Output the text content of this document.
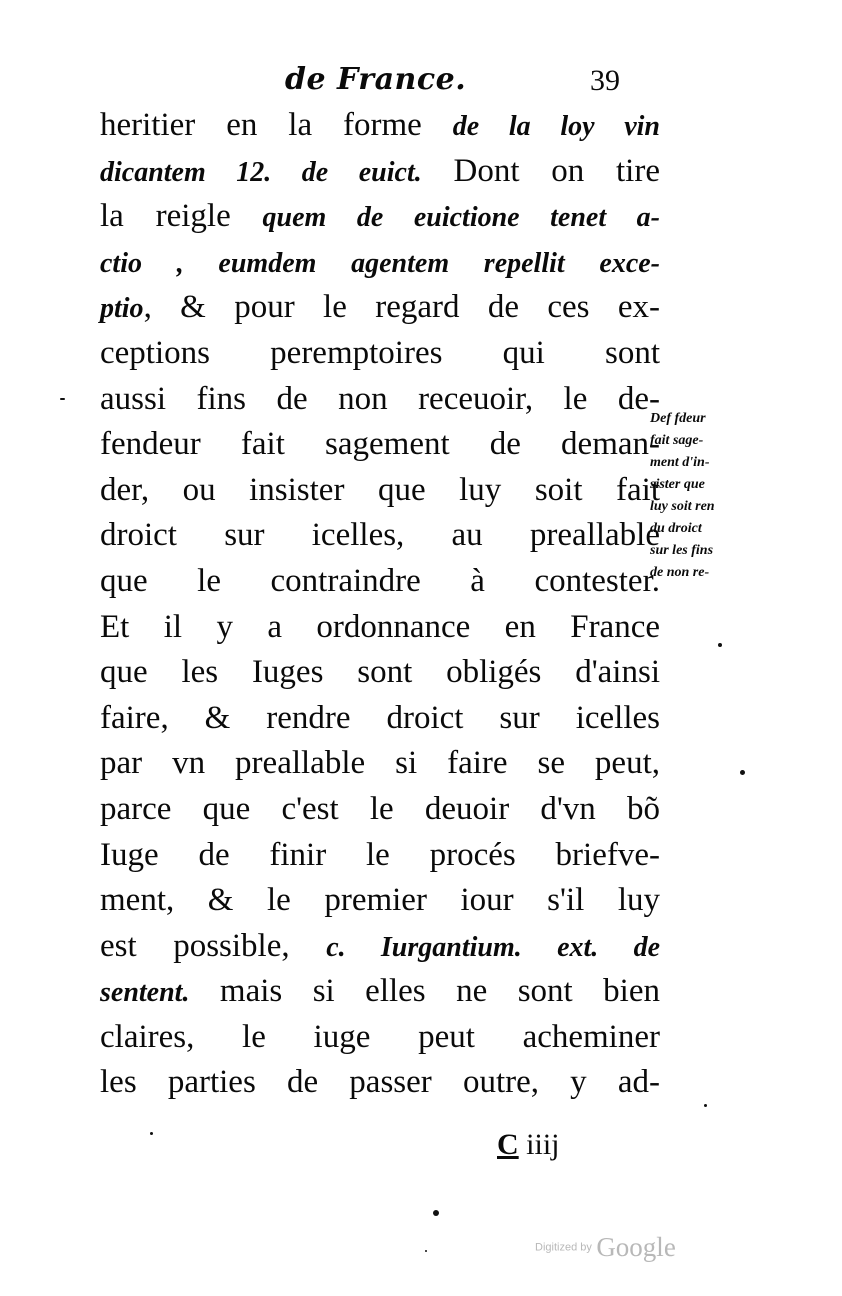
de France.	39
heritier en la forme de la loy vin
dicantem 12. de euict. Dont on tire
la reigle quem de euictione tenet a-
ctio , eumdem agentem repellit exce-
ptio, & pour le regard de ces ex-
ceptions peremptoires qui sont
aussi fins de non receuoir, le de-
fendeur fait sagement de deman-
der, ou insister que luy soit fait
droict sur icelles, au preallable
que le contraindre à contester.
Et il y a ordonnance en France
que les Iuges sont obligés d'ainsi
faire, & rendre droict sur icelles
par vn preallable si faire se peut,
parce que c'est le deuoir d'vn bõ
Iuge de finir le procés briefve-
ment, & le premier iour s'il luy
est possible, c. Iurgantium. ext. de
sentent. mais si elles ne sont bien
claires, le iuge peut acheminer
les parties de passer outre, y ad-
Def fdeur
fait sage-
ment d'in-
sister que
luy soit ren
du droict
sur les fins
de non re-
C iiij
Digitized by Google
